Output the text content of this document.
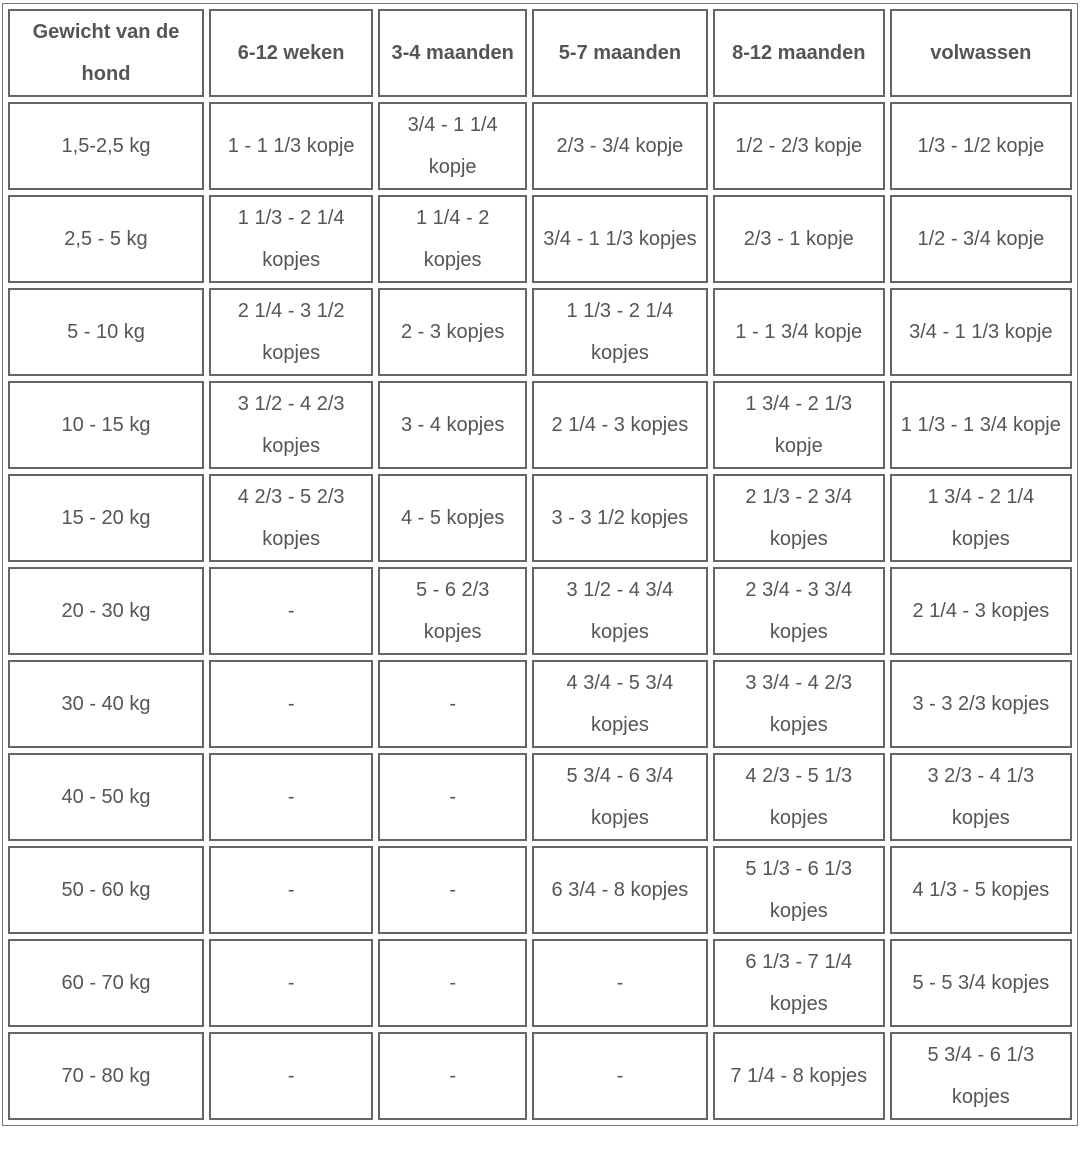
Gewicht van de hond	6-12 weken	3-4 maanden	5-7 maanden	8-12 maanden	volwassen
1,5-2,5 kg	1 - 1 1/3 kopje	3/4 - 1 1/4 kopje	2/3 - 3/4 kopje	1/2 - 2/3 kopje	1/3 - 1/2 kopje
2,5 - 5 kg	1 1/3 - 2 1/4 kopjes	1 1/4 - 2 kopjes	3/4 - 1 1/3 kopjes	2/3 - 1 kopje	1/2 - 3/4 kopje
5 - 10 kg	2 1/4 - 3 1/2 kopjes	2 - 3 kopjes	1 1/3 - 2 1/4 kopjes	1 - 1 3/4 kopje	3/4 - 1 1/3 kopje
10 - 15 kg	3 1/2 - 4 2/3 kopjes	3 - 4 kopjes	2 1/4 - 3 kopjes	1 3/4 - 2 1/3 kopje	1 1/3 - 1 3/4 kopje
15 - 20 kg	4 2/3 - 5 2/3 kopjes	4 - 5 kopjes	3 - 3 1/2 kopjes	2 1/3 - 2 3/4 kopjes	1 3/4 - 2 1/4 kopjes
20 - 30 kg	-	5 - 6 2/3 kopjes	3 1/2 - 4 3/4 kopjes	2 3/4 - 3 3/4 kopjes	2 1/4 - 3 kopjes
30 - 40 kg	-	-	4 3/4 - 5 3/4 kopjes	3 3/4 - 4 2/3 kopjes	3 - 3 2/3 kopjes
40 - 50 kg	-	-	5 3/4 - 6 3/4 kopjes	4 2/3 - 5 1/3 kopjes	3 2/3 - 4 1/3 kopjes
50 - 60 kg	-	-	6 3/4 - 8 kopjes	5 1/3 - 6 1/3 kopjes	4 1/3 - 5 kopjes
60 - 70 kg	-	-	-	6 1/3 - 7 1/4 kopjes	5 - 5 3/4 kopjes
70 - 80 kg	-	-	-	7 1/4 - 8 kopjes	5 3/4 - 6 1/3 kopjes
